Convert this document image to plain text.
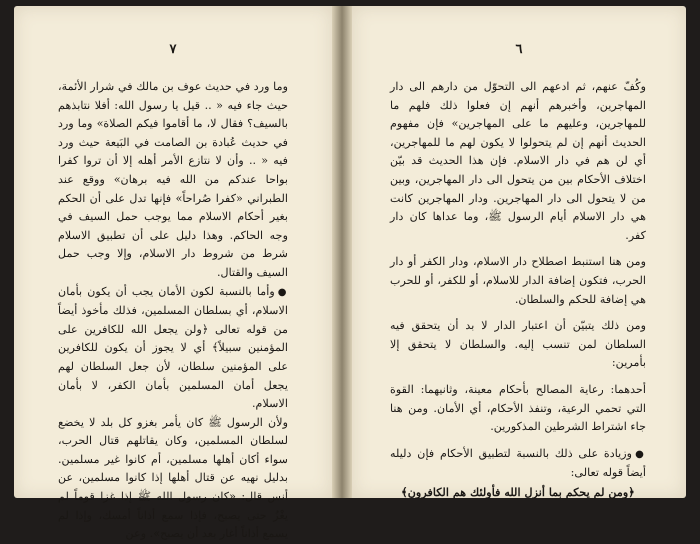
٧

وما ورد في حديث عوف بن مالك في شرار الأئمة، حيث جاء فيه « .. قيل يا رسول الله: أفلا نتابذهم بالسيف؟ فقال لا، ما أقاموا فيكم الصلاة» وما ورد في حديث عُبادة بن الصامت في البَيعة حيث ورد فيه « .. وأن لا نتازع الأمر أهله إلا أن تروا كفرا بواحا عندكم من الله فيه برهان» ووقع عند الطبراني «كفرا صُراحاً» فإنها تدل على أن الحكم بغير أحكام الاسلام مما يوجب حمل السيف في وجه الحاكم. وهذا دليل على أن تطبيق الاسلام شرط من شروط دار الاسلام، وإلا وجب حمل السيف والقتال.

● وأما بالنسبة لكون الأمان يجب أن يكون بأمان الاسلام، أي بسلطان المسلمين، فذلك مأخوذ أيضاً من قوله تعالى ﴿ولن يجعل الله للكافرين على المؤمنين سبيلاً﴾ أي لا يجوز أن يكون للكافرين على المؤمنين سلطان، لأن جعل السلطان لهم يجعل أمان المسلمين بأمان الكفر، لا بأمان الاسلام.

ولأن الرسول ﷺ كان يأمر بغزو كل بلد لا يخضع لسلطان المسلمين، وكان يقاتلهم قتال الحرب، سواء أكان أهلها مسلمين، أم كانوا غير مسلمين. بدليل نهيه عن قتال أهلها إذا كانوا مسلمين، عن أنس قال: «كان رسول الله ﷺ إذا غزا قوماً لم يغْزُ حتى يصبح، فإذا سمع أذاناً أمسك، وإذا لم يسمع أذاناً أغار بعد أن يصبح». وعن

٦

وكُفّ عنهم، ثم ادعهم الى التحوّل من دارهم الى دار المهاجرين، وأخبرهم أنهم إن فعلوا ذلك فلهم ما للمهاجرين، وعليهم ما على المهاجرين» فإن مفهوم الحديث أنهم إن لم يتحولوا لا يكون لهم ما للمهاجرين، أي لن هم في دار الاسلام. فإن هذا الحديث قد بيّن اختلاف الأحكام بين من يتحول الى دار المهاجرين، وبين من لا يتحول الى دار المهاجرين. ودار المهاجرين كانت هي دار الاسلام أيام الرسول ﷺ، وما عداها كان دار كفر.

ومن هنا استنبط اصطلاح دار الاسلام، ودار الكفر أو دار الحرب، فتكون إضافة الدار للاسلام، أو للكفر، أو للحرب هي إضافة للحكم والسلطان.

ومن ذلك يتبيّن أن اعتبار الدار لا بد أن يتحقق فيه السلطان لمن تنسب إليه. والسلطان لا يتحقق إلا بأمرين:

أحدهما: رعاية المصالح بأحكام معينة، وثانيهما: القوة التي تحمي الرعية، وتنفذ الأحكام، أي الأمان. ومن هنا جاء اشتراط الشرطين المذكورين.

● وزيادة على ذلك بالنسبة لتطبيق الأحكام فإن دليله أيضاً قوله تعالى:

﴿ومن لم يحكم بما أنزل الله فأولئك هم الكافرون﴾
